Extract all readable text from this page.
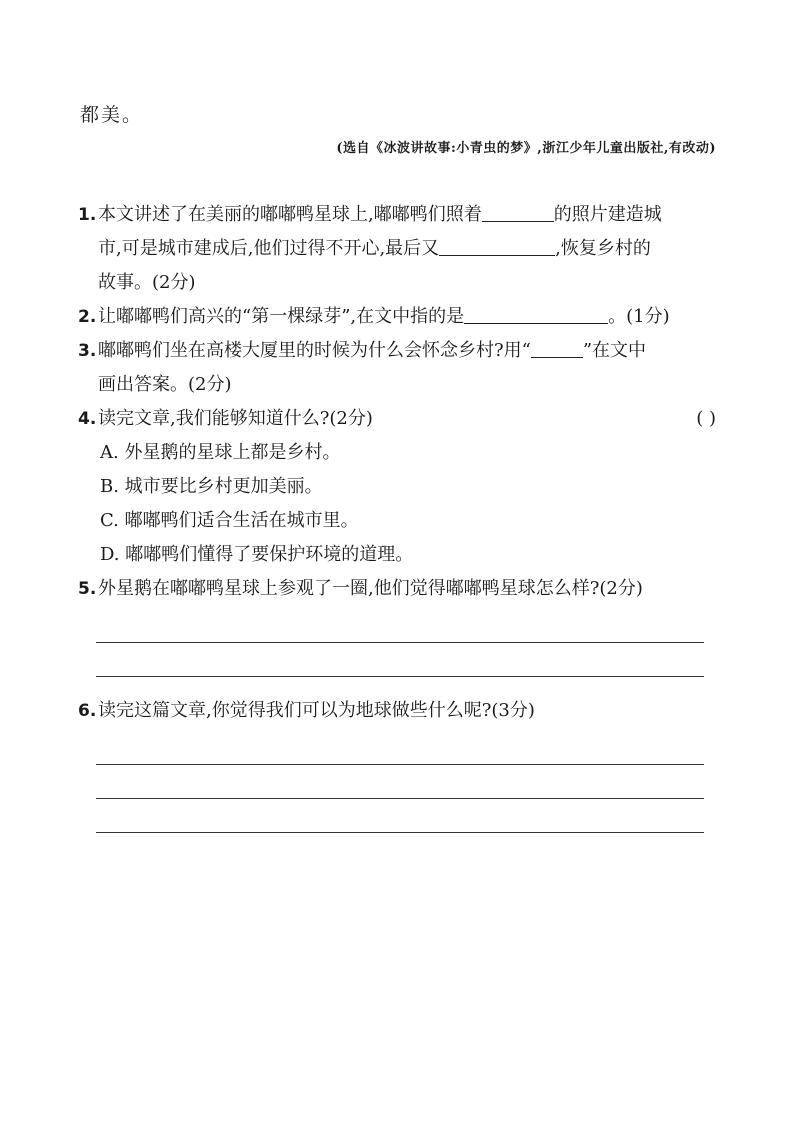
都美。
(选自《冰波讲故事:小青虫的梦》,浙江少年儿童出版社,有改动)
1.本文讲述了在美丽的嘟嘟鸭星球上,嘟嘟鸭们照着	的照片建造城
市,可是城市建成后,他们过得不开心,最后又	,恢复乡村的
故事。(2分)
2.让嘟嘟鸭们高兴的“第一棵绿芽”,在文中指的是	。(1分)
3.嘟嘟鸭们坐在高楼大厦里的时候为什么会怀念乡村?用“	”在文中
画出答案。(2分)
4.读完文章,我们能够知道什么?(2分)	( )
A. 外星鹅的星球上都是乡村。
B. 城市要比乡村更加美丽。
C. 嘟嘟鸭们适合生活在城市里。
D. 嘟嘟鸭们懂得了要保护环境的道理。
5.外星鹅在嘟嘟鸭星球上参观了一圈,他们觉得嘟嘟鸭星球怎么样?(2分)
6.读完这篇文章,你觉得我们可以为地球做些什么呢?(3分)
